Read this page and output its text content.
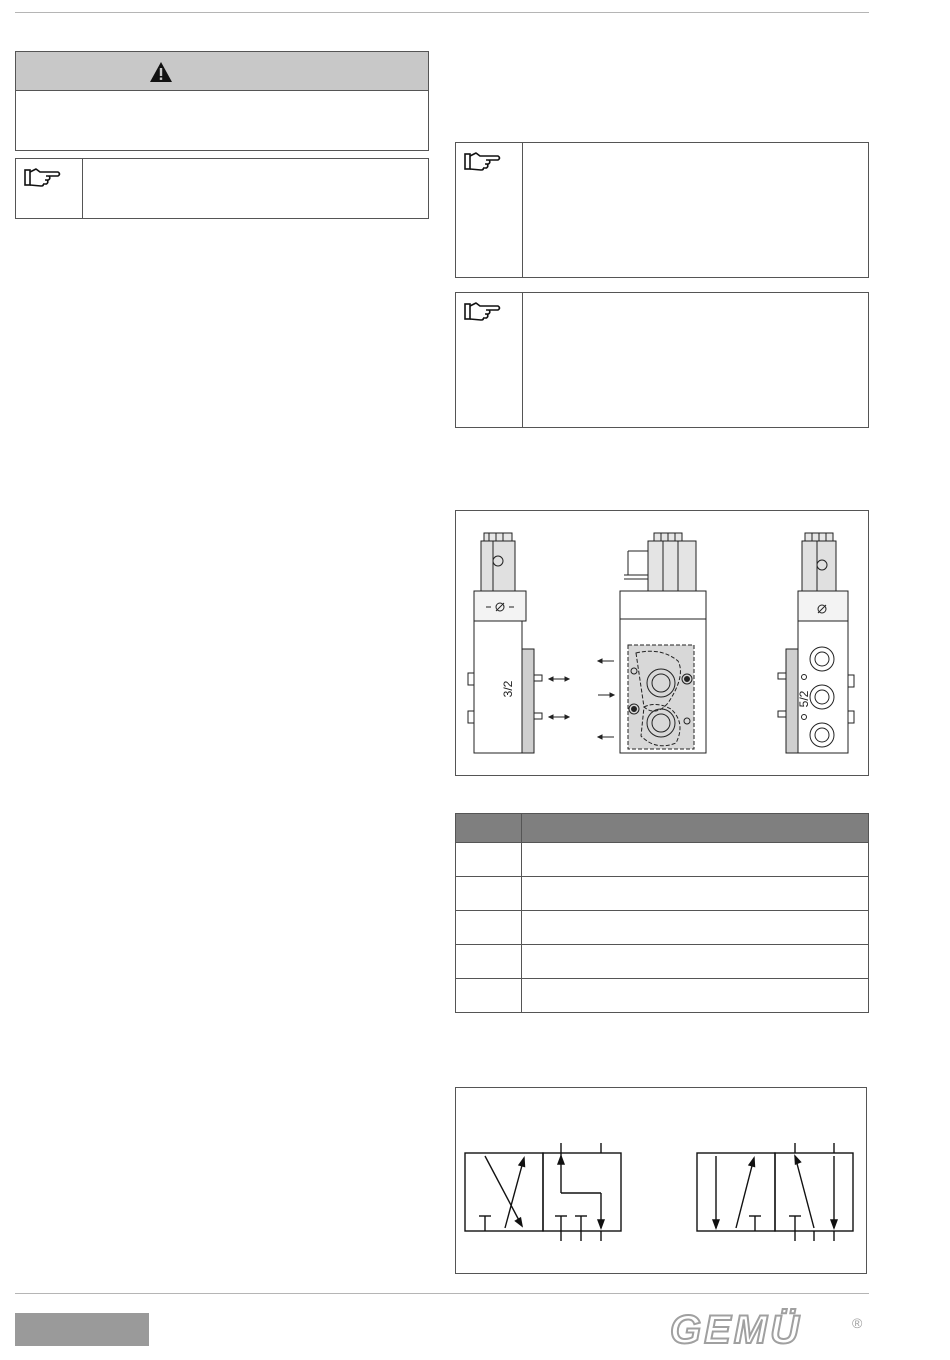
3/2
5/2

GEMÜ	®
